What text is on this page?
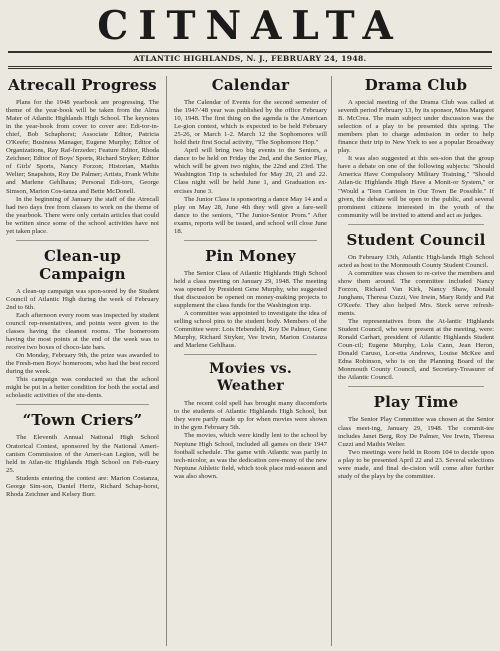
CITNALTA
ATLANTIC HIGHLANDS, N. J., FEBRUARY 24, 1948.
Atrecall Progress

Plans for the 1948 yearbook are progressing. The theme of the year-book will be taken from the Alma Mater of Atlantic Highlands High School. The keynotes in the year-book from cover to cover are: Edi-tor-in-chief, Bob Schaphorst; Associate Editor, Patricia O'Keefe; Business Manager, Eugene Murphy; Editor of Organizations, Ray Raf-ferzeder; Feature Editor, Rhoda Zeichner; Editor of Boys' Sports, Richard Stryker; Editor of Girls' Sports, Nancy Forzon; Historian, Mathis Welter; Snapshots, Roy De Palmer; Artists, Frank White and Marlene Gehlhaus; Personal Edi-tors, George Simson, Marion Cos-tanza and Bette McDonell.

In the beginning of January the staff of the Atrecall had two days free from classes to work on the theme of the yearbook. There were only certain articles that could be written since some of the school activities have not yet taken place.

Clean-up Campaign

A clean-up campaign was spon-sored by the Student Council of Atlantic High during the week of February 2nd to 6th.

Each afternoon every room was inspected by student council rep-resentatives, and points were given to the classes having the cleanest rooms. The homeroom having the most points at the end of the week was to receive two boxes of choco-late bars.

On Monday, February 9th, the prize was awarded to the Fresh-men Boys' homeroom, who had the best record during the week.

This campaign was conducted so that the school might be put in a better condition for both the social and scholastic activities of the stu-dents.

“Town Criers”

The Eleventh Annual National High School Oratorical Contest, sponsored by the National Ameri-canism Commission of the Ameri-can Legion, will be held in Atlan-tic Highlands High School on Feb-ruary 25.

Students entering the contest are: Marion Costanza, George Sim-son, Daniel Hertz, Richard Schap-horst, Rhoda Zeichner and Kelsey Burr.

Calendar

The Calendar of Events for the second semester of the 1947-'48 year was published by the office February 10, 1948. The first thing on the agenda is the American Le-gion contest, which is expected to be held February 25-26, or March 1-2. March 12 the Sophomores will hold their first Social activity, "The Sophomore Hop."

April will bring two big events to the Seniors, a dance to be held on Friday the 2nd, and the Senior Play, which will be given two nights, the 22nd and 23rd. The Washington Trip is scheduled for May 20, 21 and 22. Class night will be held June 1, and Graduation ex-ercises June 3.

The Junior Class is sponsoring a dance May 14 and a play on May 28, June 4th they will give a fare-well dance to the seniors, "The Junior-Senior Prom." After exams, reports will be issued, and school will close June 18.

Pin Money

The Senior Class of Atlantic Highlands High School held a class meeting on January 29, 1948. The meeting was opened by President Gene Murphy, who suggested that discussion be opened on money-making projects to supplement the class funds for the Washington trip.

A committee was appointed to investigate the idea of selling school pins to the student body. Members of the Committee were: Lois Hebendehl, Roy De Palmer, Gene Murphy, Richard Stryker, Vee Irwin, Marion Costanza and Marlene Gehlhaus.

Movies vs. Weather

The recent cold spell has brought many discomforts to the students of Atlantic Highlands High School, but they were partly made up for when movies were shown in the gym February 5th.

The movies, which were kindly lent to the school by Neptune High School, included all games on their 1947 football schedule. The game with Atlantic was partly in tech-nicolor, as was the dedication cere-mony of the new Neptune Athletic field, which took place mid-season and was also shown.

Drama Club

A special meeting of the Drama Club was called at seventh period February 13, by its sponsor, Miss Margaret B. McCrea. The main subject under discussion was the selection of a play to be presented this spring. The members plan to charge admission in order to help finance their trip to New York to see a popular Broadway play.

It was also suggested at this ses-sion that the group have a debate on one of the following subjects: "Should America Have Compulsory Military Training," "Should Atlan-tic Highlands High Have a Monit-or System," or "Would a 'Teen Canteen in Our Town Be Possible." If given, the debate will be open to the public, and several prominent citizens interested in the youth of the community will be invited to attend and act as judges.

Student Council

On February 13th, Atlantic High-lands High School acted as host to the Monmouth County Student Council.

A committee was chosen to re-ceive the members and show them around. The committee included Nancy Forzon, Richard Van Kirk, Nancy Shaw, Donald Junghans, Theresa Cuzzi, Vee Irwin, Mary Reidy and Pat O'Keefe. They also helped Mrs. Steck serve refresh-ments.

The representatives from the At-lantic Highlands Student Council, who were present at the meeting, were: Ronald Carhart, president of Atlantic Highlands Student Coun-cil; Eugene Murphy, Lola Cann, Jean Heron, Donald Caruso, Lor-etta Andrews, Louise McKee and Edna Robinson, who is on the Planning Board of the Monmouth County Council, and Secretary-Treasurer of the Atlantic Council.

Play Time

The Senior Play Committee was chosen at the Senior class meet-ing, January 29, 1948. The commit-tee includes Janet Berg, Roy De Palmer, Vee Irwin, Theresa Cuzzi and Mathis Welter.

Two meetings were held in Room 104 to decide upon a play to be presented April 22 and 23. Several selections were made, and final de-cision will come after further study of the plays by the committee.
